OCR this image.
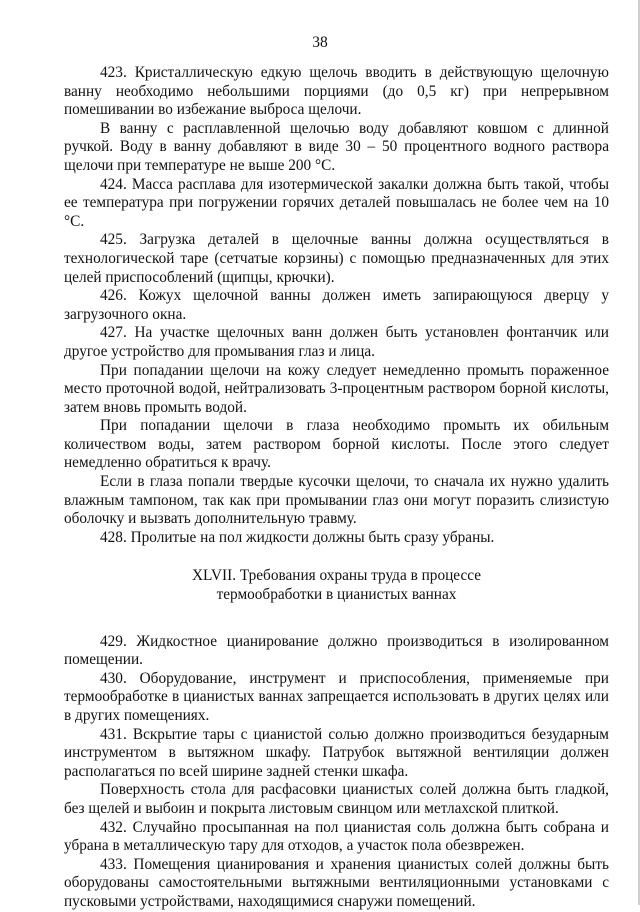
38

423. Кристаллическую едкую щелочь вводить в действующую щелочную ванну необходимо небольшими порциями (до 0,5 кг) при непрерывном помешивании во избежание выброса щелочи.

В ванну с расплавленной щелочью воду добавляют ковшом с длинной ручкой. Воду в ванну добавляют в виде 30 – 50 процентного водного раствора щелочи при температуре не выше 200 °С.

424. Масса расплава для изотермической закалки должна быть такой, чтобы ее температура при погружении горячих деталей повышалась не более чем на 10 °С.

425. Загрузка деталей в щелочные ванны должна осуществляться в технологической таре (сетчатые корзины) с помощью предназначенных для этих целей приспособлений (щипцы, крючки).

426. Кожух щелочной ванны должен иметь запирающуюся дверцу у загрузочного окна.

427. На участке щелочных ванн должен быть установлен фонтанчик или другое устройство для промывания глаз и лица.

При попадании щелочи на кожу следует немедленно промыть пораженное место проточной водой, нейтрализовать 3-процентным раствором борной кислоты, затем вновь промыть водой.

При попадании щелочи в глаза необходимо промыть их обильным количеством воды, затем раствором борной кислоты. После этого следует немедленно обратиться к врачу.

Если в глаза попали твердые кусочки щелочи, то сначала их нужно удалить влажным тампоном, так как при промывании глаз они могут поразить слизистую оболочку и вызвать дополнительную травму.

428. Пролитые на пол жидкости должны быть сразу убраны.

XLVII. Требования охраны труда в процессе
термообработки в цианистых ваннах

429. Жидкостное цианирование должно производиться в изолированном помещении.

430. Оборудование, инструмент и приспособления, применяемые при термообработке в цианистых ваннах запрещается использовать в других целях или в других помещениях.

431. Вскрытие тары с цианистой солью должно производиться безударным инструментом в вытяжном шкафу. Патрубок вытяжной вентиляции должен располагаться по всей ширине задней стенки шкафа.

Поверхность стола для расфасовки цианистых солей должна быть гладкой, без щелей и выбоин и покрыта листовым свинцом или метлахской плиткой.

432. Случайно просыпанная на пол цианистая соль должна быть собрана и убрана в металлическую тару для отходов, а участок пола обезврежен.

433. Помещения цианирования и хранения цианистых солей должны быть оборудованы самостоятельными вытяжными вентиляционными установками с пусковыми устройствами, находящимися снаружи помещений.
